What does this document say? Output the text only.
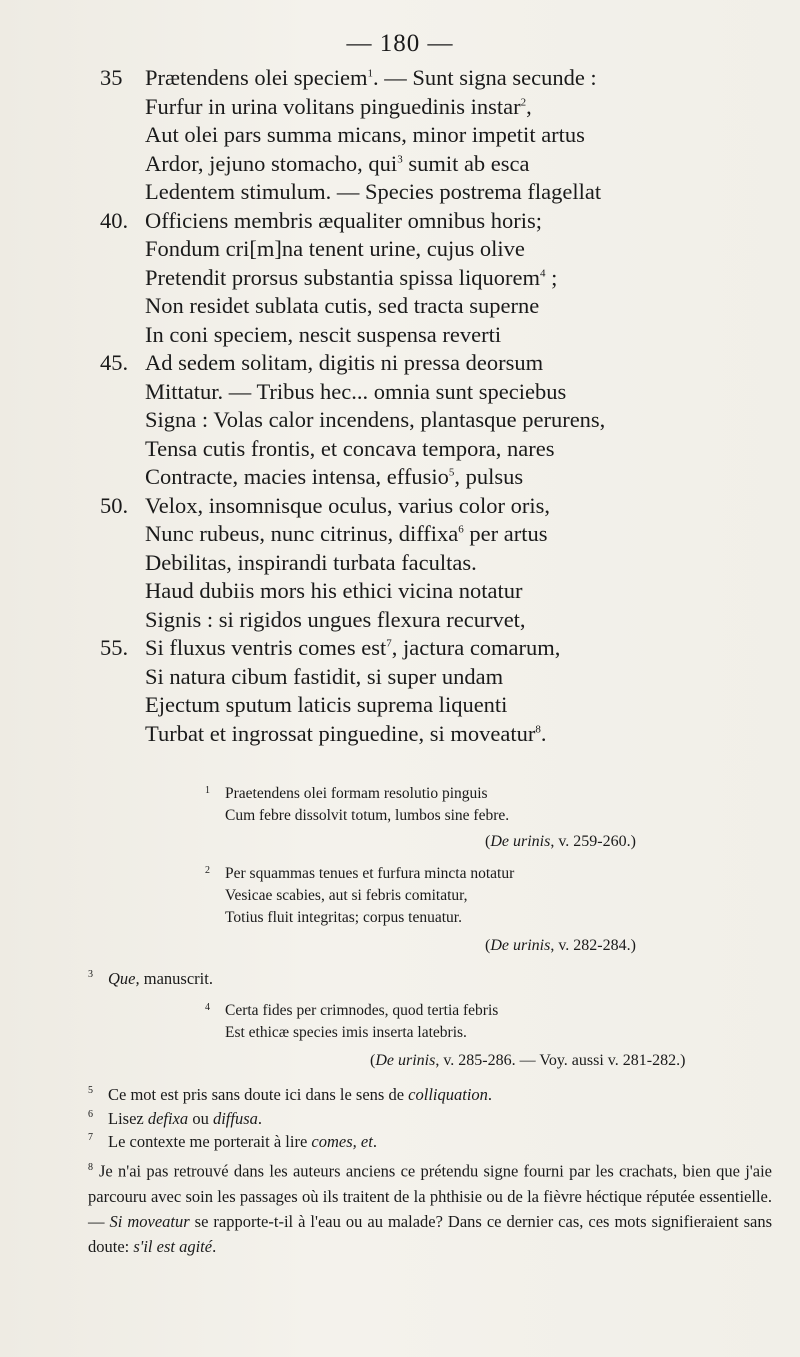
— 180 —
35 Prætendens olei speciem$^1$. — Sunt signa secunde :
Furfur in urina volitans pinguedinis instar$^2$,
Aut olei pars summa micans, minor impetit artus
Ardor, jejuno stomacho, qui$^3$ sumit ab esca
Ledentem stimulum. — Species postrema flagellat
40. Officiens membris æqualiter omnibus horis;
Fondum cri[m]na tenent urine, cujus olive
Pretendit prorsus substantia spissa liquorem$^4$ ;
Non residet sublata cutis, sed tracta superne
In coni speciem, nescit suspensa reverti
45. Ad sedem solitam, digitis ni pressa deorsum
Mittatur. — Tribus hec... omnia sunt speciebus
Signa : Volas calor incendens, plantasque perurens,
Tensa cutis frontis, et concava tempora, nares
Contracte, macies intensa, effusio$^5$, pulsus
50. Velox, insomnisque oculus, varius color oris,
Nunc rubeus, nunc citrinus, diffixa$^6$ per artus
Debilitas, inspirandi turbata facultas.
Haud dubiis mors his ethici vicina notatur
Signis : si rigidos ungues flexura recurvet,
55. Si fluxus ventris comes est$^7$, jactura comarum,
Si natura cibum fastidit, si super undam
Ejectum sputum laticis suprema liquenti
Turbat et ingrossat pinguedine, si moveatur$^8$.
1 Praetendens olei formam resolutio pinguis
Cum febre dissolvit totum, lumbos sine febre.
(De urinis, v. 259-260.)
2 Per squammas tenues et furfura mincta notatur
Vesicae scabies, aut si febris comitatur,
Totius fluit integritas; corpus tenuatur.
(De urinis, v. 282-284.)
3 Que, manuscrit.
4 Certa fides per crimnodes, quod tertia febris
Est ethicæ species imis inserta latebris.
(De urinis, v. 285-286. — Voy. aussi v. 281-282.)
5 Ce mot est pris sans doute ici dans le sens de colliquation.
6 Lisez defixa ou diffusa.
7 Le contexte me porterait à lire comes, et.
$^8$ Je n'ai pas retrouvé dans les auteurs anciens ce prétendu signe fourni par les crachats, bien que j'aie parcouru avec soin les passages où ils traitent de la phthisie ou de la fièvre héctique réputée essentielle. — Si moveatur se rapporte-t-il à l'eau ou au malade? Dans ce dernier cas, ces mots signifieraient sans doute: s'il est agité.
